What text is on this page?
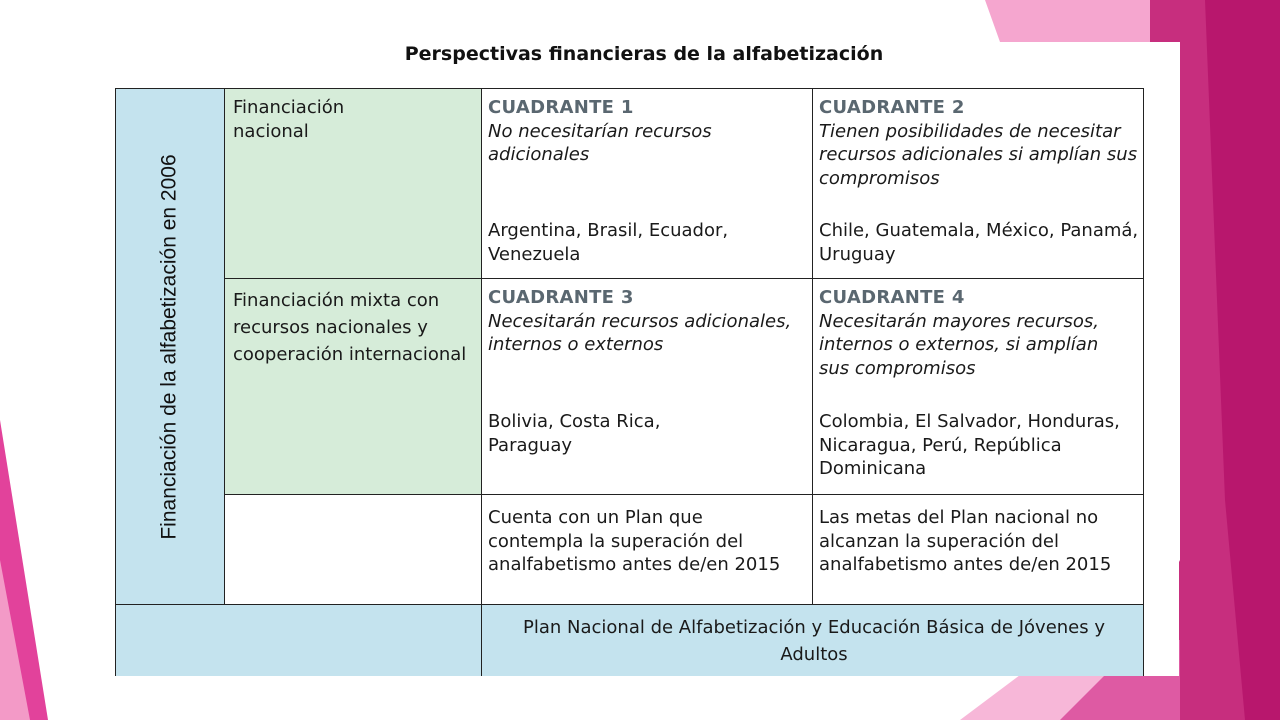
Perspectivas financieras de la alfabetización
Financiación de la alfabetización en 2006
Financiación nacional
Financiación mixta con recursos nacionales y cooperación internacional
CUADRANTE 1
No necesitarían recursos adicionales
Argentina, Brasil, Ecuador, Venezuela
CUADRANTE 2
Tienen posibilidades de necesitar recursos adicionales si amplían sus compromisos
Chile, Guatemala, México, Panamá, Uruguay
CUADRANTE 3
Necesitarán recursos adicionales, internos o externos
Bolivia, Costa Rica, Paraguay
CUADRANTE 4
Necesitarán mayores recursos, internos o externos, si amplían sus compromisos
Colombia, El Salvador, Honduras, Nicaragua, Perú, República Dominicana
Cuenta con un Plan que contempla la superación del analfabetismo antes de/en 2015
Las metas del Plan nacional no alcanzan la superación del analfabetismo antes de/en 2015
Plan Nacional de Alfabetización y Educación Básica de Jóvenes y Adultos
